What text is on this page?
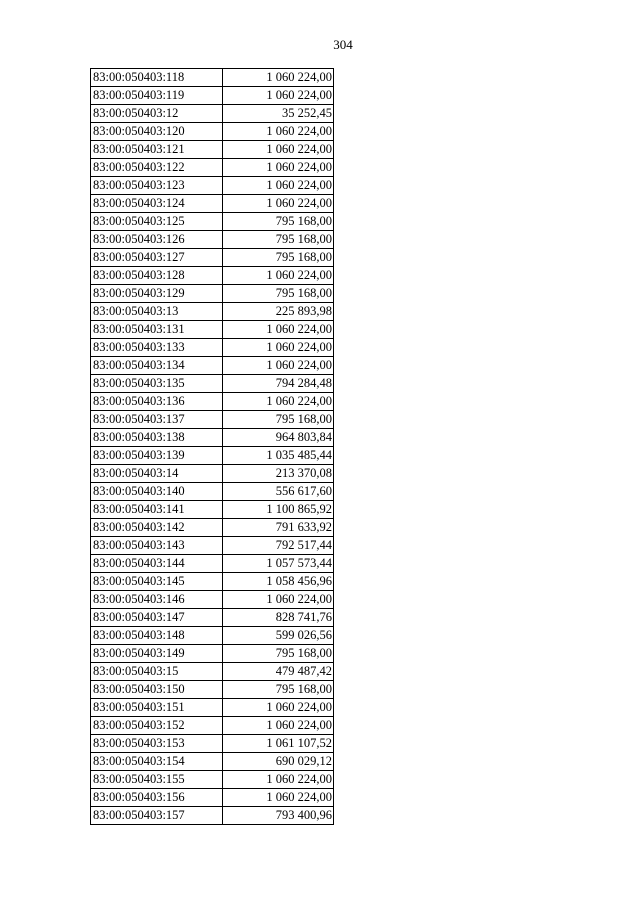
304
83:00:050403:118	1 060 224,00
83:00:050403:119	1 060 224,00
83:00:050403:12	35 252,45
83:00:050403:120	1 060 224,00
83:00:050403:121	1 060 224,00
83:00:050403:122	1 060 224,00
83:00:050403:123	1 060 224,00
83:00:050403:124	1 060 224,00
83:00:050403:125	795 168,00
83:00:050403:126	795 168,00
83:00:050403:127	795 168,00
83:00:050403:128	1 060 224,00
83:00:050403:129	795 168,00
83:00:050403:13	225 893,98
83:00:050403:131	1 060 224,00
83:00:050403:133	1 060 224,00
83:00:050403:134	1 060 224,00
83:00:050403:135	794 284,48
83:00:050403:136	1 060 224,00
83:00:050403:137	795 168,00
83:00:050403:138	964 803,84
83:00:050403:139	1 035 485,44
83:00:050403:14	213 370,08
83:00:050403:140	556 617,60
83:00:050403:141	1 100 865,92
83:00:050403:142	791 633,92
83:00:050403:143	792 517,44
83:00:050403:144	1 057 573,44
83:00:050403:145	1 058 456,96
83:00:050403:146	1 060 224,00
83:00:050403:147	828 741,76
83:00:050403:148	599 026,56
83:00:050403:149	795 168,00
83:00:050403:15	479 487,42
83:00:050403:150	795 168,00
83:00:050403:151	1 060 224,00
83:00:050403:152	1 060 224,00
83:00:050403:153	1 061 107,52
83:00:050403:154	690 029,12
83:00:050403:155	1 060 224,00
83:00:050403:156	1 060 224,00
83:00:050403:157	793 400,96
